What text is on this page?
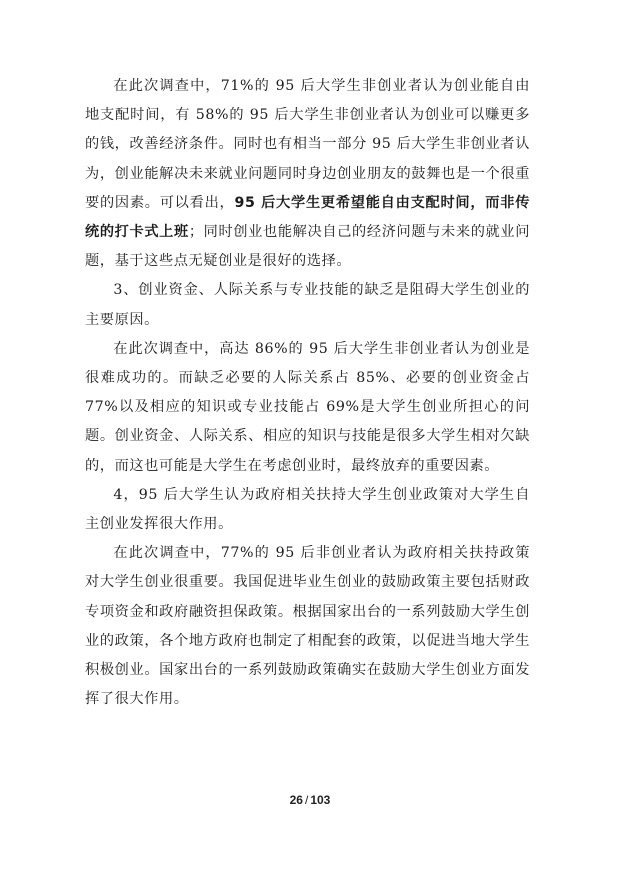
在此次调查中，71%的 95 后大学生非创业者认为创业能自由地支配时间，有 58%的 95 后大学生非创业者认为创业可以赚更多的钱，改善经济条件。同时也有相当一部分 95 后大学生非创业者认为，创业能解决未来就业问题同时身边创业朋友的鼓舞也是一个很重要的因素。可以看出，95 后大学生更希望能自由支配时间，而非传统的打卡式上班；同时创业也能解决自己的经济问题与未来的就业问题，基于这些点无疑创业是很好的选择。

3、创业资金、人际关系与专业技能的缺乏是阻碍大学生创业的主要原因。

在此次调查中，高达 86%的 95 后大学生非创业者认为创业是很难成功的。而缺乏必要的人际关系占 85%、必要的创业资金占 77%以及相应的知识或专业技能占 69%是大学生创业所担心的问题。创业资金、人际关系、相应的知识与技能是很多大学生相对欠缺的，而这也可能是大学生在考虑创业时，最终放弃的重要因素。

4，95 后大学生认为政府相关扶持大学生创业政策对大学生自主创业发挥很大作用。

在此次调查中，77%的 95 后非创业者认为政府相关扶持政策对大学生创业很重要。我国促进毕业生创业的鼓励政策主要包括财政专项资金和政府融资担保政策。根据国家出台的一系列鼓励大学生创业的政策，各个地方政府也制定了相配套的政策，以促进当地大学生积极创业。国家出台的一系列鼓励政策确实在鼓励大学生创业方面发挥了很大作用。

26 / 103
